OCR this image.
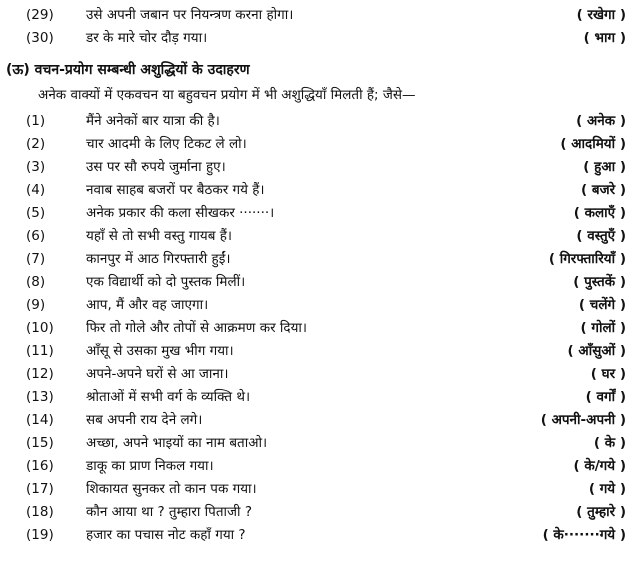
(29) उसे अपनी जबान पर नियन्त्रण करना होगा।	( रखेगा )
(30) डर के मारे चोर दौड़ गया।	( भाग )
(ऊ) वचन-प्रयोग सम्बन्धी अशुद्धियों के उदाहरण
अनेक वाक्यों में एकवचन या बहुवचन प्रयोग में भी अशुद्धियाँ मिलती हैं; जैसे—
(1)	मैंने अनेकों बार यात्रा की है।	( अनेक )
(2)	चार आदमी के लिए टिकट ले लो।	( आदमियों )
(3)	उस पर सौ रुपये जुर्माना हुए।	( हुआ )
(4)	नवाब साहब बजरों पर बैठकर गये हैं।	( बजरे )
(5)	अनेक प्रकार की कला सीखकर ·······।	( कलाएँ )
(6)	यहाँ से तो सभी वस्तु गायब हैं।	( वस्तुएँ )
(7)	कानपुर में आठ गिरफ्तारी हुईं।	( गिरफ्तारियाँ )
(8)	एक विद्यार्थी को दो पुस्तक मिलीं।	( पुस्तकें )
(9)	आप, मैं और वह जाएगा।	( चलेंगे )
(10) फिर तो गोले और तोपों से आक्रमण कर दिया।	( गोलों )
(11) आँसू से उसका मुख भीग गया।	( आँसुओं )
(12) अपने-अपने घरों से आ जाना।	( घर )
(13) श्रोताओं में सभी वर्ग के व्यक्ति थे।	( वर्गों )
(14) सब अपनी राय देने लगे।	( अपनी-अपनी )
(15) अच्छा, अपने भाइयों का नाम बताओ।	( के )
(16) डाकू का प्राण निकल गया।	( के/गये )
(17) शिकायत सुनकर तो कान पक गया।	( गये )
(18) कौन आया था ? तुम्हारा पिताजी ?	( तुम्हारे )
(19) हजार का पचास नोट कहाँ गया ?	( के·······गये )
